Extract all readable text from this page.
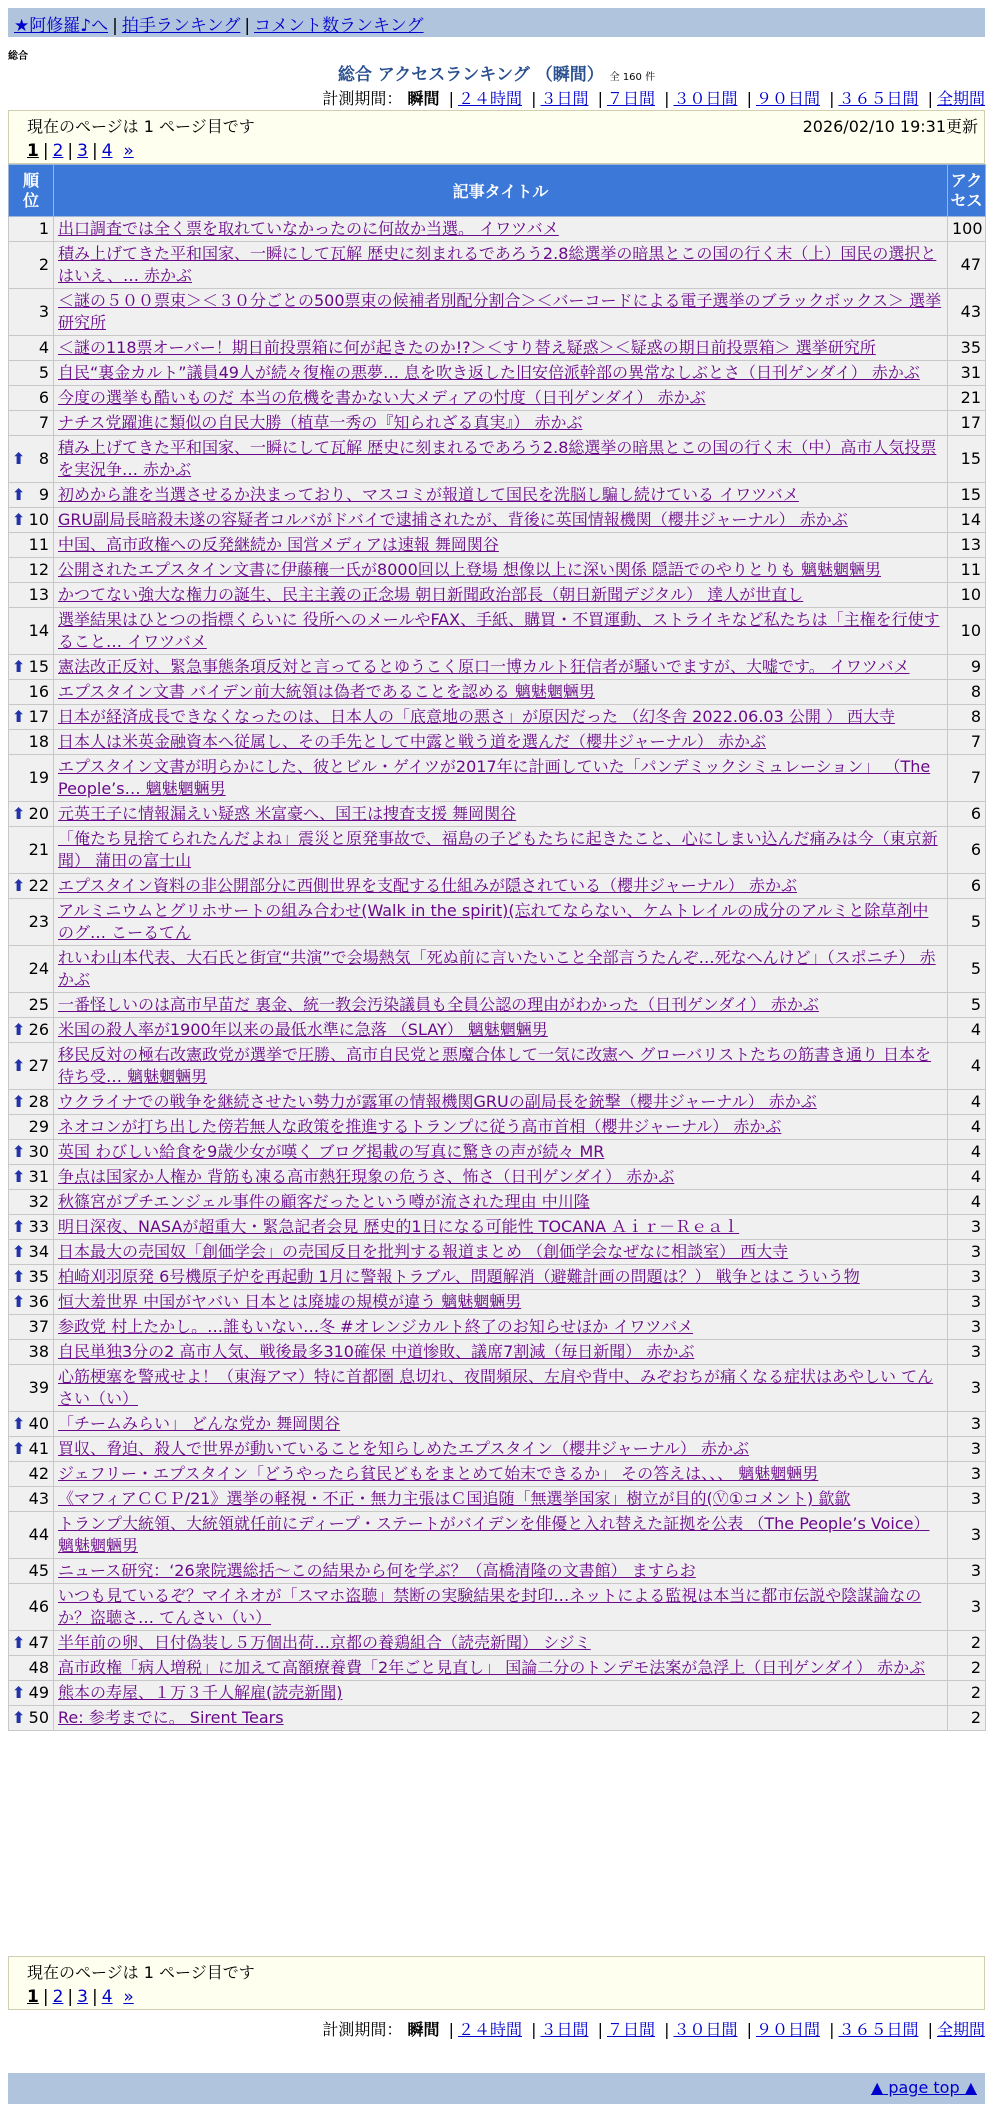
★阿修羅♪へ | 拍手ランキング | コメント数ランキング
総合
総合 アクセスランキング （瞬間） 全 160 件
計測期間： 瞬間 | ２４時間 | ３日間 | ７日間 | ３０日間 | ９０日間 | ３６５日間 | 全期間
現在のページは 1 ページ目です	2026/02/10 19:31更新
1 | 2 | 3 | 4 »
順位	記事タイトル	アクセス
1	出口調査では全く票を取れていなかったのに何故か当選。 イワツバメ	100
2	積み上げてきた平和国家、一瞬にして瓦解 歴史に刻まれるであろう2.8総選挙の暗黒とこの国の行く末（上）国民の選択とはいえ、… 赤かぶ	47
3	＜謎の５００票束＞＜３０分ごとの500票束の候補者別配分割合＞＜バーコードによる電子選挙のブラックボックス＞ 選挙研究所	43
4	＜謎の118票オーバー！期日前投票箱に何が起きたのか!?＞＜すり替え疑惑＞＜疑惑の期日前投票箱＞ 選挙研究所	35
5	自民“裏金カルト”議員49人が続々復権の悪夢… 息を吹き返した旧安倍派幹部の異常なしぶとさ（日刊ゲンダイ） 赤かぶ	31
6	今度の選挙も酷いものだ 本当の危機を書かない大メディアの忖度（日刊ゲンダイ） 赤かぶ	21
7	ナチス党躍進に類似の自民大勝（植草一秀の『知られざる真実』） 赤かぶ	17

⬆ 8	積み上げてきた平和国家、一瞬にして瓦解 歴史に刻まれるであろう2.8総選挙の暗黒とこの国の行く末（中）高市人気投票を実況争… 赤かぶ	15

⬆ 9	初めから誰を当選させるか決まっており、マスコミが報道して国民を洗脳し騙し続けている イワツバメ	15

⬆ 10	GRU副局長暗殺未遂の容疑者コルバがドバイで逮捕されたが、背後に英国情報機関（櫻井ジャーナル） 赤かぶ	14
11	中国、高市政権への反発継続か 国営メディアは速報 舞岡関谷	13
12	公開されたエプスタイン文書に伊藤穰一氏が8000回以上登場 想像以上に深い関係 隠語でのやりとりも 魑魅魍魎男	11
13	かつてない強大な権力の誕生、民主主義の正念場 朝日新聞政治部長（朝日新聞デジタル） 達人が世直し	10
14	選挙結果はひとつの指標くらいに 役所へのメールやFAX、手紙、購買・不買運動、ストライキなど私たちは「主権を行使すること… イワツバメ	10

⬆ 15	憲法改正反対、緊急事態条項反対と言ってるとゆうこく原口一博カルト狂信者が騒いでますが、大嘘です。 イワツバメ	9
16	エプスタイン文書 バイデン前大統領は偽者であることを認める 魑魅魍魎男	8

⬆ 17	日本が経済成長できなくなったのは、日本人の「底意地の悪さ」が原因だった （幻冬舎 2022.06.03 公開 ） 西大寺	8
18	日本人は米英金融資本へ従属し、その手先として中露と戦う道を選んだ（櫻井ジャーナル） 赤かぶ	7
19	エプスタイン文書が明らかにした、彼とビル・ゲイツが2017年に計画していた「パンデミックシミュレーション」 （The People’s… 魑魅魍魎男	7

⬆ 20	元英王子に情報漏えい疑惑 米富豪へ、国王は捜査支援 舞岡関谷	6
21	「俺たち見捨てられたんだよね」震災と原発事故で、福島の子どもたちに起きたこと、心にしまい込んだ痛みは今（東京新聞） 蒲田の富士山	6

⬆ 22	エプスタイン資料の非公開部分に西側世界を支配する仕組みが隠されている（櫻井ジャーナル） 赤かぶ	6
23	アルミニウムとグリホサートの組み合わせ(Walk in the spirit)(忘れてならない、ケムトレイルの成分のアルミと除草剤中のグ… こーるてん	5
24	れいわ山本代表、大石氏と街宣“共演”で会場熱気「死ぬ前に言いたいこと全部言うたんぞ…死なへんけど」（スポニチ） 赤かぶ	5
25	一番怪しいのは高市早苗だ 裏金、統一教会汚染議員も全員公認の理由がわかった（日刊ゲンダイ） 赤かぶ	5

⬆ 26	米国の殺人率が1900年以来の最低水準に急落 （SLAY） 魑魅魍魎男	4

⬆ 27	移民反対の極右改憲政党が選挙で圧勝、高市自民党と悪魔合体して一気に改憲へ グローバリストたちの筋書き通り 日本を待ち受… 魑魅魍魎男	4

⬆ 28	ウクライナでの戦争を継続させたい勢力が露軍の情報機関GRUの副局長を銃撃（櫻井ジャーナル） 赤かぶ	4
29	ネオコンが打ち出した傍若無人な政策を推進するトランプに従う高市首相（櫻井ジャーナル） 赤かぶ	4

⬆ 30	英国 わびしい給食を9歳少女が嘆く ブログ掲載の写真に驚きの声が続々 MR	4

⬆ 31	争点は国家か人権か 背筋も凍る高市熱狂現象の危うさ、怖さ（日刊ゲンダイ） 赤かぶ	4
32	秋篠宮がプチエンジェル事件の顧客だったという噂が流された理由 中川隆	4

⬆ 33	明日深夜、NASAが超重大・緊急記者会見 歴史的1日になる可能性 TOCANA Ａｉｒ－Ｒｅａｌ	3

⬆ 34	日本最大の売国奴「創価学会」の売国反日を批判する報道まとめ （創価学会なぜなに相談室） 西大寺	3

⬆ 35	柏崎刈羽原発 6号機原子炉を再起動 1月に警報トラブル、問題解消（避難計画の問題は？） 戦争とはこういう物	3

⬆ 36	恒大羞世界 中国がヤバい 日本とは廃墟の規模が違う 魑魅魍魎男	3
37	参政党 村上たかし。…誰もいない…冬 #オレンジカルト終了のお知らせほか イワツバメ	3
38	自民単独3分の2 高市人気、戦後最多310確保 中道惨敗、議席7割減（毎日新聞） 赤かぶ	3
39	心筋梗塞を警戒せよ！（東海アマ）特に首都圏 息切れ、夜間頻尿、左肩や背中、みぞおちが痛くなる症状はあやしい てんさい（い）	3

⬆ 40	「チームみらい」 どんな党か 舞岡関谷	3

⬆ 41	買収、脅迫、殺人で世界が動いていることを知らしめたエプスタイン（櫻井ジャーナル） 赤かぶ	3
42	ジェフリー・エプスタイン「どうやったら貧民どもをまとめて始末できるか」 その答えは、、、 魑魅魍魎男	3
43	《マフィアＣＣＰ/21》選挙の軽視・不正・無力主張はＣ国追随「無選挙国家」樹立が目的(Ⓥ①コメント) 歙歙	3
44	トランプ大統領、大統領就任前にディープ・ステートがバイデンを俳優と入れ替えた証拠を公表 （The People’s Voice） 魑魅魍魎男	3
45	ニュース研究：‘26衆院選総括〜この結果から何を学ぶ？（高橋清隆の文書館） ますらお	3
46	いつも見ているぞ？マイネオが「スマホ盗聴」禁断の実験結果を封印…ネットによる監視は本当に都市伝説や陰謀論なのか？盗聴さ… てんさい（い）	3

⬆ 47	半年前の卵、日付偽装し５万個出荷…京都の養鶏組合（読売新聞） シジミ	2
48	高市政権「病人増税」に加えて高額療養費「2年ごと見直し」 国論二分のトンデモ法案が急浮上（日刊ゲンダイ） 赤かぶ	2

⬆ 49	熊本の寿屋、１万３千人解雇(読売新聞)	2

⬆ 50	Re: 参考までに。 Sirent Tears	2
現在のページは 1 ページ目です
1 | 2 | 3 | 4 »
計測期間： 瞬間 | ２４時間 | ３日間 | ７日間 | ３０日間 | ９０日間 | ３６５日間 | 全期間
▲ page top ▲
